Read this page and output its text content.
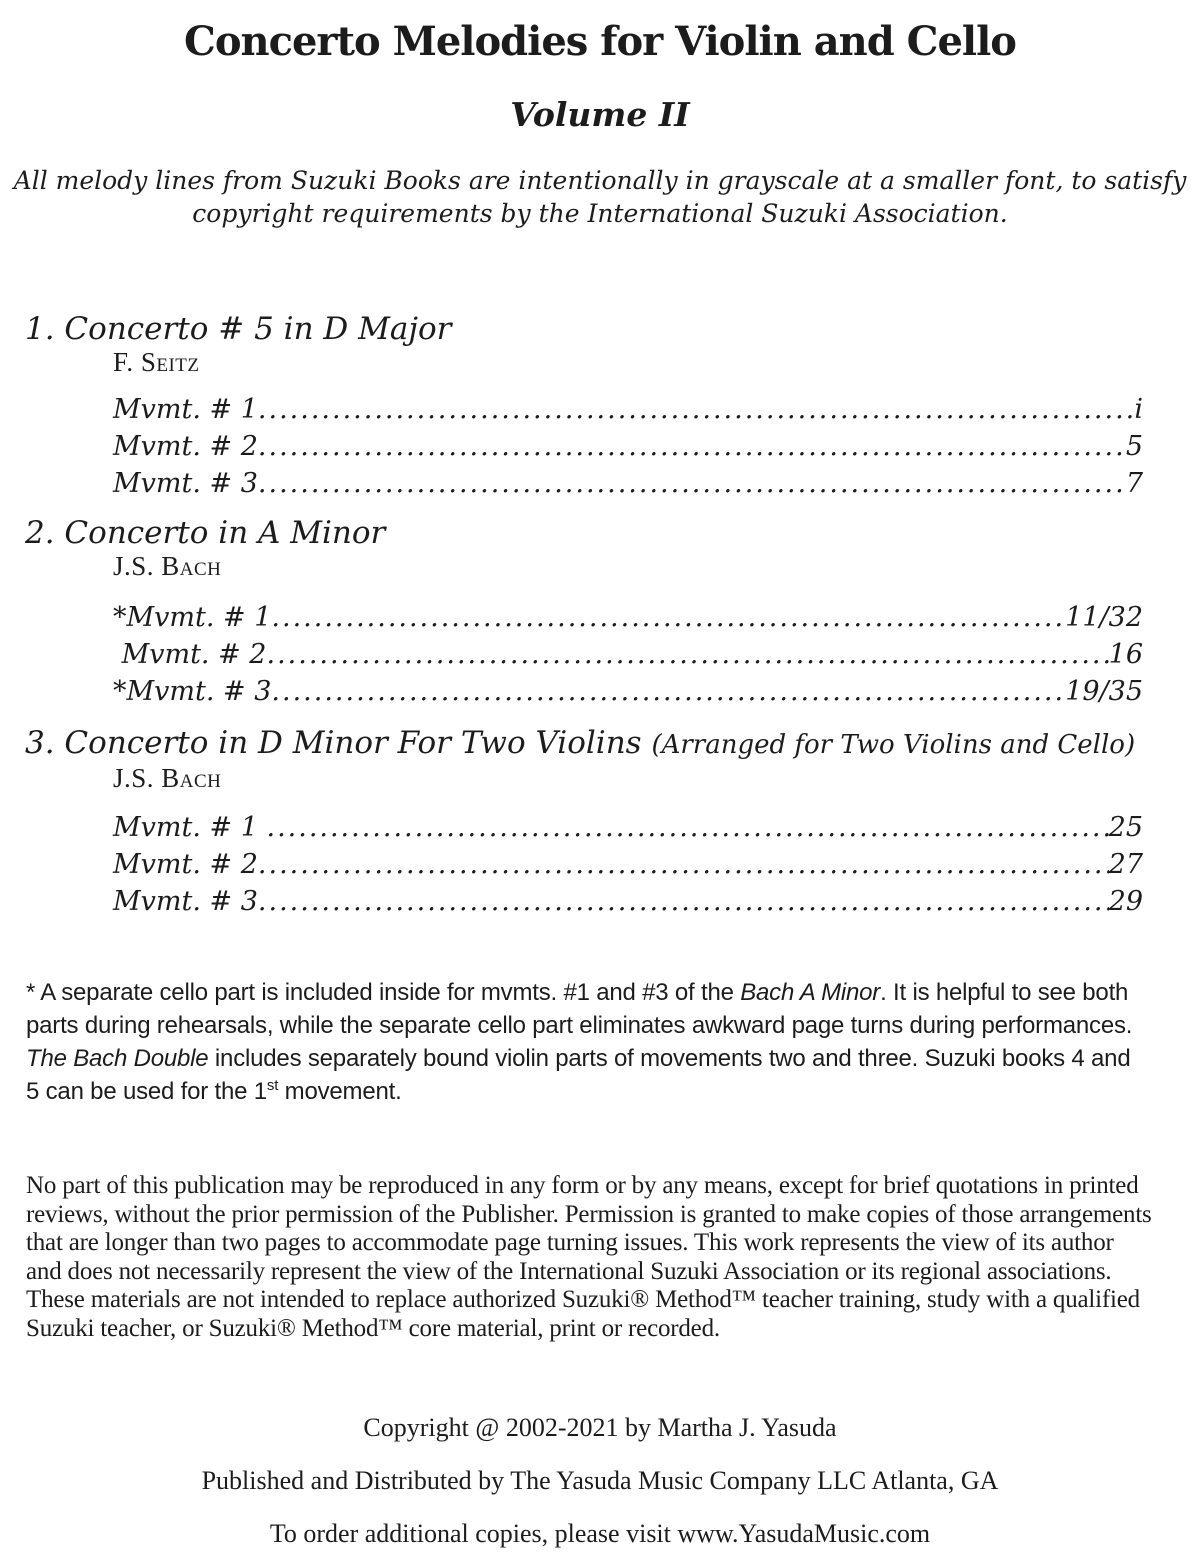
Concerto Melodies for Violin and Cello
Volume II
All melody lines from Suzuki Books are intentionally in grayscale at a smaller font, to satisfy
copyright requirements by the International Suzuki Association.
1. Concerto # 5 in D Major
F. Seitz
Mvmt. # 1 .....	i
Mvmt. # 2 .....	5
Mvmt. # 3 .....	7
2. Concerto in A Minor
J.S. Bach
*Mvmt. # 1 .....	11/32
Mvmt. # 2 .....	16
*Mvmt. # 3 .....	19/35
3. Concerto in D Minor For Two Violins (Arranged for Two Violins and Cello)
J.S. Bach
Mvmt. # 1 .....	25
Mvmt. # 2 .....	27
Mvmt. # 3 .....	29

* A separate cello part is included inside for mvmts. #1 and #3 of the Bach A Minor. It is helpful to see both parts during rehearsals, while the separate cello part eliminates awkward page turns during performances. The Bach Double includes separately bound violin parts of movements two and three. Suzuki books 4 and 5 can be used for the 1st movement.

No part of this publication may be reproduced in any form or by any means, except for brief quotations in printed reviews, without the prior permission of the Publisher. Permission is granted to make copies of those arrangements that are longer than two pages to accommodate page turning issues. This work represents the view of its author and does not necessarily represent the view of the International Suzuki Association or its regional associations. These materials are not intended to replace authorized Suzuki® Method™ teacher training, study with a qualified Suzuki teacher, or Suzuki® Method™ core material, print or recorded.

Copyright @ 2002-2021 by Martha J. Yasuda
Published and Distributed by The Yasuda Music Company LLC Atlanta, GA
To order additional copies, please visit www.YasudaMusic.com
